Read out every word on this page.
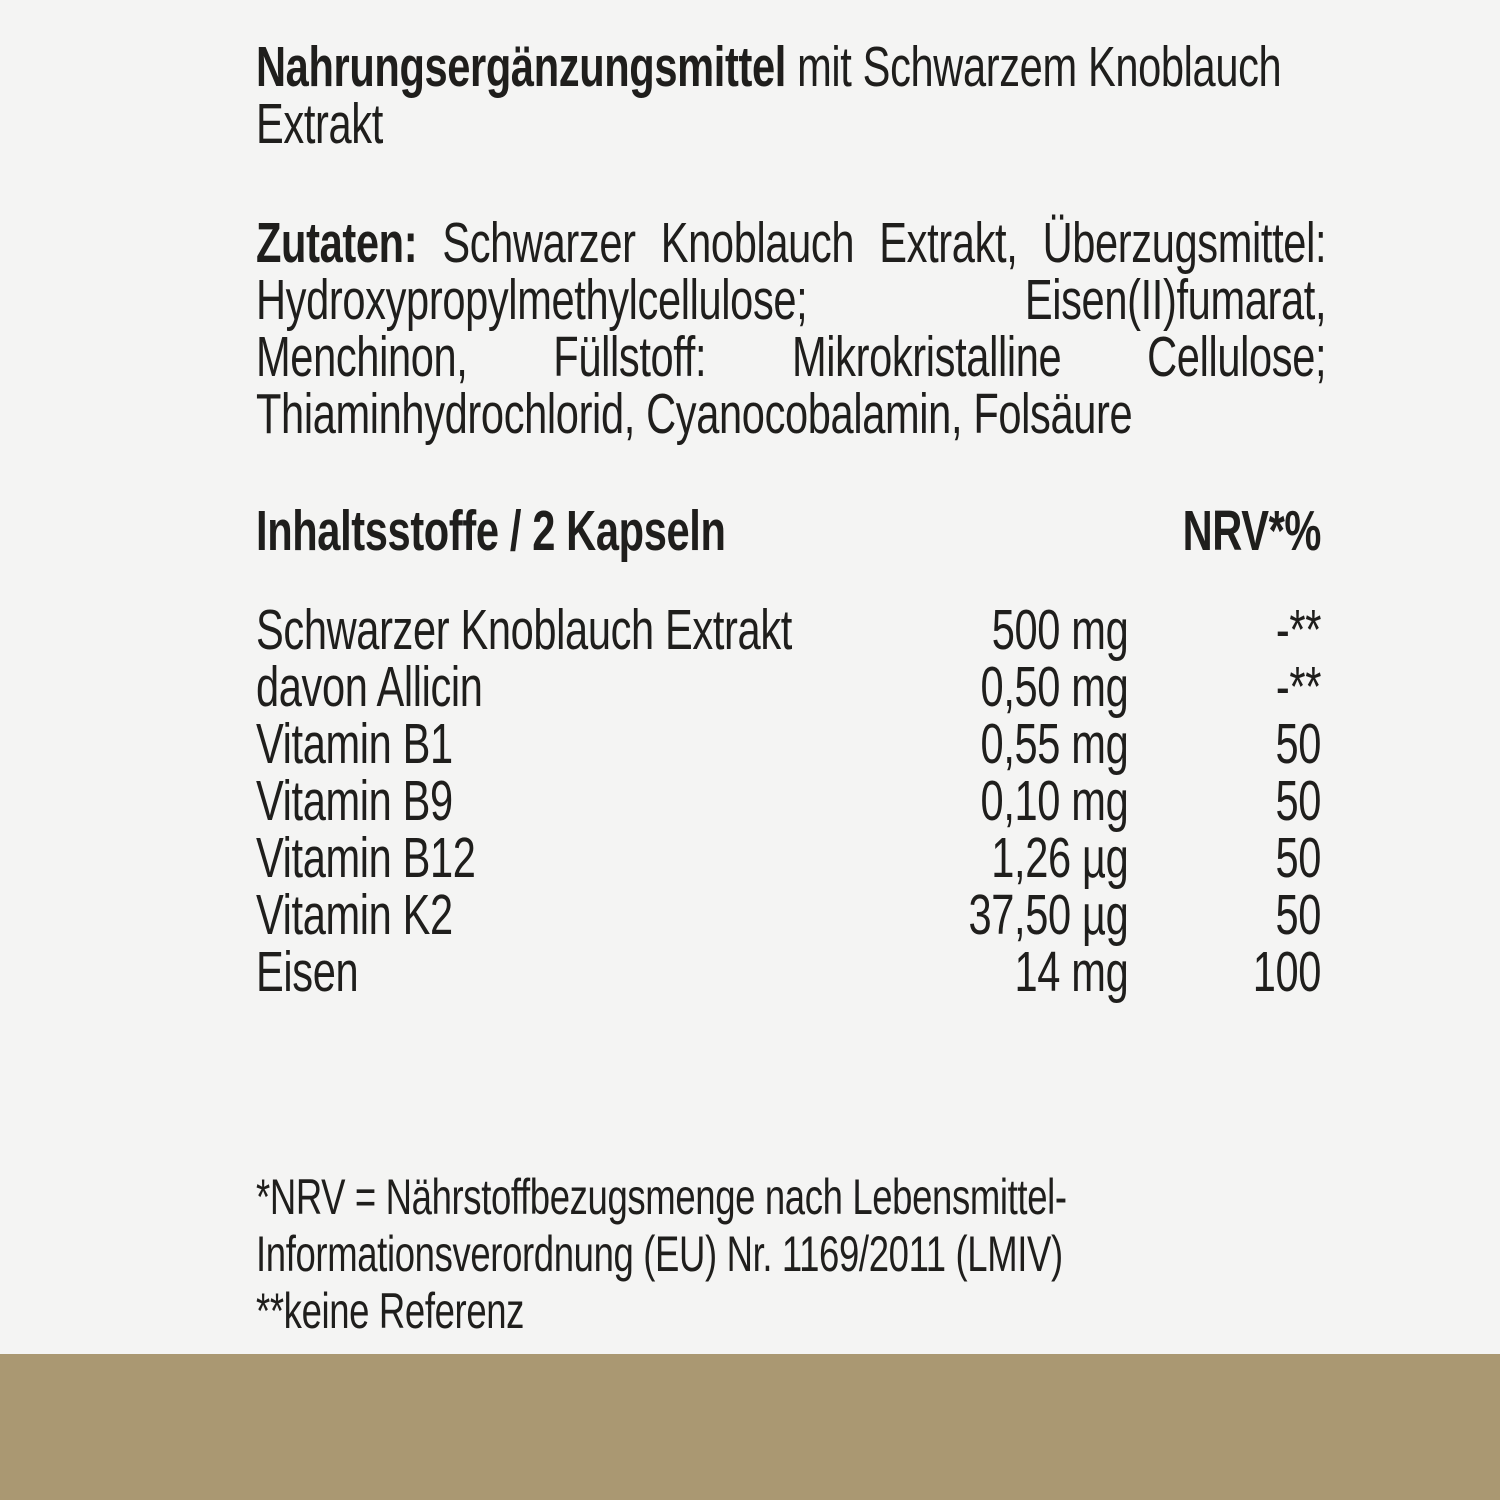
Nahrungsergänzungsmittel mit Schwarzem Knoblauch Extrakt
Zutaten: Schwarzer Knoblauch Extrakt, Überzugsmittel:
Hydroxypropylmethylcellulose;	Eisen(II)fumarat,
Menchinon, Füllstoff: Mikrokristalline Cellulose;
Thiaminhydrochlorid, Cyanocobalamin, Folsäure
Inhaltsstoffe / 2 Kapseln	NRV*%
Schwarzer Knoblauch Extrakt	500 mg	-**
davon Allicin	0,50 mg	-**
Vitamin B1	0,55 mg	50
Vitamin B9	0,10 mg	50
Vitamin B12	1,26 µg	50
Vitamin K2	37,50 µg	50
Eisen	14 mg	100
*NRV = Nährstoffbezugsmenge nach Lebensmittel-
Informationsverordnung (EU) Nr. 1169/2011 (LMIV)
**keine Referenz
